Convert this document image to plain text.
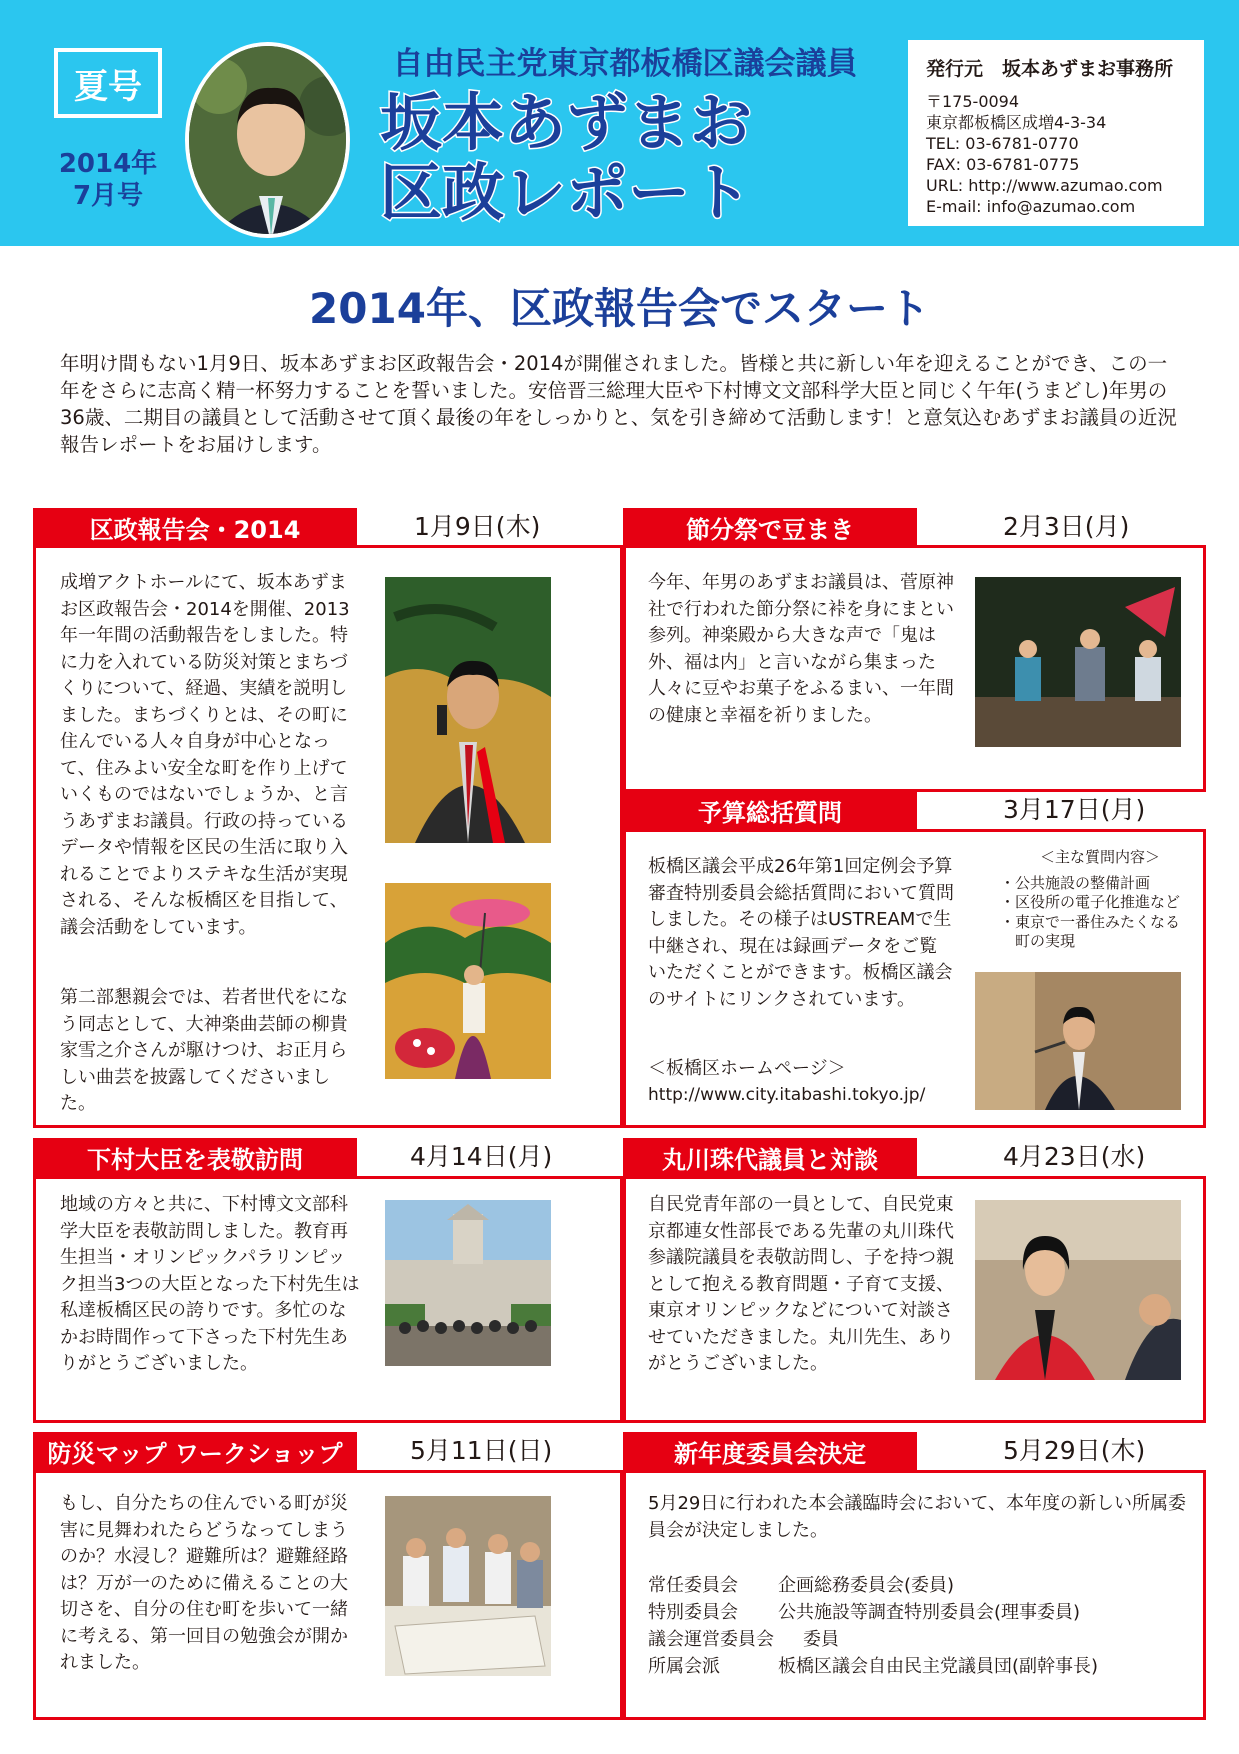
夏号
2014年
7月号
自由民主党東京都板橋区議会議員
坂本あずまお
区政レポート
発行元　坂本あずまお事務所
〒175-0094
東京都板橋区成増4-3-34
TEL: 03-6781-0770
FAX: 03-6781-0775
URL: http://www.azumao.com
E-mail: info@azumao.com
2014年、区政報告会でスタート
年明け間もない1月9日、坂本あずまお区政報告会・2014が開催されました。皆様と共に新しい年を迎えることができ、この一年をさらに志高く精一杯努力することを誓いました。安倍晋三総理大臣や下村博文文部科学大臣と同じく午年(うまどし)年男の36歳、二期目の議員として活動させて頂く最後の年をしっかりと、気を引き締めて活動します！と意気込むあずまお議員の近況報告レポートをお届けします。
区政報告会・2014	1月9日(木)
成増アクトホールにて、坂本あずまお区政報告会・2014を開催、2013年一年間の活動報告をしました。特に力を入れている防災対策とまちづくりについて、経過、実績を説明しました。まちづくりとは、その町に住んでいる人々自身が中心となって、住みよい安全な町を作り上げていくものではないでしょうか、と言うあずまお議員。行政の持っているデータや情報を区民の生活に取り入れることでよりステキな生活が実現される、そんな板橋区を目指して、議会活動をしています。
第二部懇親会では、若者世代をになう同志として、大神楽曲芸師の柳貴家雪之介さんが駆けつけ、お正月らしい曲芸を披露してくださいました。
節分祭で豆まき	2月3日(月)
今年、年男のあずまお議員は、菅原神社で行われた節分祭に裃を身にまとい参列。神楽殿から大きな声で「鬼は外、福は内」と言いながら集まった人々に豆やお菓子をふるまい、一年間の健康と幸福を祈りました。
予算総括質問	3月17日(月)
板橋区議会平成26年第1回定例会予算審査特別委員会総括質問において質問しました。その様子はUSTREAMで生中継され、現在は録画データをご覧いただくことができます。板橋区議会のサイトにリンクされています。
＜板橋区ホームページ＞
http://www.city.itabashi.tokyo.jp/
＜主な質問内容＞
・公共施設の整備計画
・区役所の電子化推進など
・東京で一番住みたくなる
　町の実現
下村大臣を表敬訪問	4月14日(月)
地域の方々と共に、下村博文文部科学大臣を表敬訪問しました。教育再生担当・オリンピックパラリンピック担当3つの大臣となった下村先生は私達板橋区民の誇りです。多忙のなかお時間作って下さった下村先生ありがとうございました。
丸川珠代議員と対談	4月23日(水)
自民党青年部の一員として、自民党東京都連女性部長である先輩の丸川珠代参議院議員を表敬訪問し、子を持つ親として抱える教育問題・子育て支援、東京オリンピックなどについて対談させていただきました。丸川先生、ありがとうございました。
防災マップ ワークショップ	5月11日(日)
もし、自分たちの住んでいる町が災害に見舞われたらどうなってしまうのか？水浸し？避難所は？避難経路は？万が一のために備えることの大切さを、自分の住む町を歩いて一緒に考える、第一回目の勉強会が開かれました。
新年度委員会決定	5月29日(木)
5月29日に行われた本会議臨時会において、本年度の新しい所属委員会が決定しました。
常任委員会	企画総務委員会(委員)
特別委員会	公共施設等調査特別委員会(理事委員)
議会運営委員会	委員
所属会派	板橋区議会自由民主党議員団(副幹事長)
